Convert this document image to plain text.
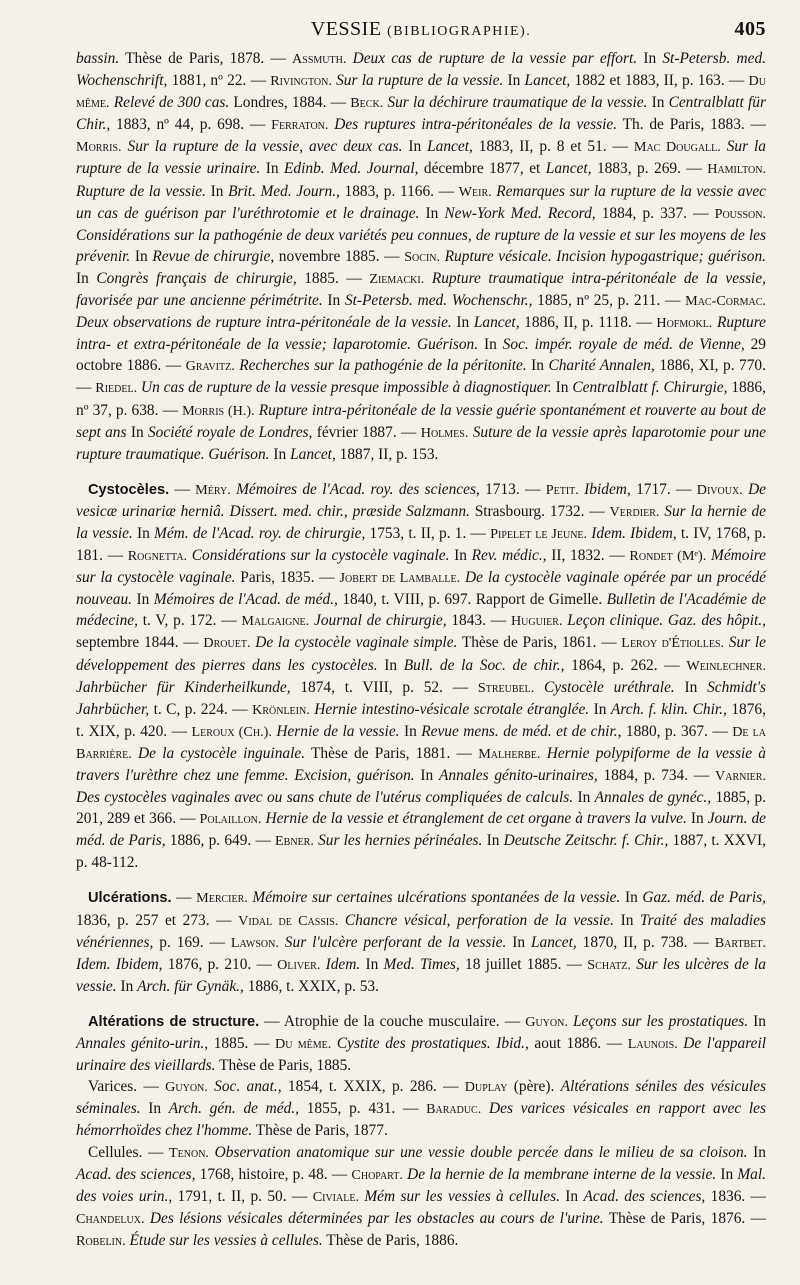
VESSIE (BIBLIOGRAPHIE).	405

bassin. Thèse de Paris, 1878. — Assmuth. Deux cas de rupture de la vessie par effort. In St-Petersb. med. Wochenschrift, 1881, nº 22. — Rivington. Sur la rupture de la vessie. In Lancet, 1882 et 1883, II, p. 163. — Du même. Relevé de 300 cas. Londres, 1884. — Beck. Sur la déchirure traumatique de la vessie. In Centralblatt für Chir., 1883, nº 44, p. 698. — Ferraton. Des ruptures intra-péritonéales de la vessie. Th. de Paris, 1883. — Morris. Sur la rupture de la vessie, avec deux cas. In Lancet, 1883, II, p. 8 et 51. — Mac Dougall. Sur la rupture de la vessie urinaire. In Edinb. Med. Journal, décembre 1877, et Lancet, 1883, p. 269. — Hamilton. Rupture de la vessie. In Brit. Med. Journ., 1883, p. 1166. — Weir. Remarques sur la rupture de la vessie avec un cas de guérison par l'uréthrotomie et le drainage. In New-York Med. Record, 1884, p. 337. — Pousson. Considérations sur la pathogénie de deux variétés peu connues, de rupture de la vessie et sur les moyens de les prévenir. In Revue de chirurgie, novembre 1885. — Socin. Rupture vésicale. Incision hypogastrique; guérison. In Congrès français de chirurgie, 1885. — Ziemacki. Rupture traumatique intra-péritonéale de la vessie, favorisée par une ancienne périmétrite. In St-Petersb. med. Wochenschr., 1885, nº 25, p. 211. — Mac-Cormac. Deux observations de rupture intra-péritonéale de la vessie. In Lancet, 1886, II, p. 1118. — Hofmokl. Rupture intra- et extra-péritonéale de la vessie; laparotomie. Guérison. In Soc. impér. royale de méd. de Vienne, 29 octobre 1886. — Gravitz. Recherches sur la pathogénie de la péritonite. In Charité Annalen, 1886, XI, p. 770. — Riedel. Un cas de rupture de la vessie presque impossible à diagnostiquer. In Centralblatt f. Chirurgie, 1886, nº 37, p. 638. — Morris (H.). Rupture intra-péritonéale de la vessie guérie spontanément et rouverte au bout de sept ans In Société royale de Londres, février 1887. — Holmes. Suture de la vessie après laparotomie pour une rupture traumatique. Guérison. In Lancet, 1887, II, p. 153.

Cystocèles. — Méry. Mémoires de l'Acad. roy. des sciences, 1713. — Petit. Ibidem, 1717. — Divoux. De vesicæ urinariæ herniâ. Dissert. med. chir., præside Salzmann. Strasbourg. 1732. — Verdier. Sur la hernie de la vessie. In Mém. de l'Acad. roy. de chirurgie, 1753, t. II, p. 1. — Pipelet le Jeune. Idem. Ibidem, t. IV, 1768, p. 181. — Rognetta. Considérations sur la cystocèle vaginale. In Rev. médic., II, 1832. — Rondet (Mᵉ). Mémoire sur la cystocèle vaginale. Paris, 1835. — Jobert de Lamballe. De la cystocèle vaginale opérée par un procédé nouveau. In Mémoires de l'Acad. de méd., 1840, t. VIII, p. 697. Rapport de Gimelle. Bulletin de l'Académie de médecine, t. V, p. 172. — Malgaigne. Journal de chirurgie, 1843. — Huguier. Leçon clinique. Gaz. des hôpit., septembre 1844. — Drouet. De la cystocèle vaginale simple. Thèse de Paris, 1861. — Leroy d'Étiolles. Sur le développement des pierres dans les cystocèles. In Bull. de la Soc. de chir., 1864, p. 262. — Weinlechner. Jahrbücher für Kinderheilkunde, 1874, t. VIII, p. 52. — Streubel. Cystocèle uréthrale. In Schmidt's Jahrbücher, t. C, p. 224. — Krönlein. Hernie intestino-vésicale scrotale étranglée. In Arch. f. klin. Chir., 1876, t. XIX, p. 420. — Leroux (Ch.). Hernie de la vessie. In Revue mens. de méd. et de chir., 1880, p. 367. — De la Barrière. De la cystocèle inguinale. Thèse de Paris, 1881. — Malherbe. Hernie polypiforme de la vessie à travers l'urèthre chez une femme. Excision, guérison. In Annales génito-urinaires, 1884, p. 734. — Varnier. Des cystocèles vaginales avec ou sans chute de l'utérus compliquées de calculs. In Annales de gynéc., 1885, p. 201, 289 et 366. — Polaillon. Hernie de la vessie et étranglement de cet organe à travers la vulve. In Journ. de méd. de Paris, 1886, p. 649. — Ebner. Sur les hernies périnéales. In Deutsche Zeitschr. f. Chir., 1887, t. XXVI, p. 48-112.

Ulcérations. — Mercier. Mémoire sur certaines ulcérations spontanées de la vessie. In Gaz. méd. de Paris, 1836, p. 257 et 273. — Vidal de Cassis. Chancre vésical, perforation de la vessie. In Traité des maladies vénériennes, p. 169. — Lawson. Sur l'ulcère perforant de la vessie. In Lancet, 1870, II, p. 738. — Bartbet. Idem. Ibidem, 1876, p. 210. — Oliver. Idem. In Med. Times, 18 juillet 1885. — Schatz. Sur les ulcères de la vessie. In Arch. für Gynäk., 1886, t. XXIX, p. 53.

Altérations de structure. — Atrophie de la couche musculaire. — Guyon. Leçons sur les prostatiques. In Annales génito-urin., 1885. — Du même. Cystite des prostatiques. Ibid., aout 1886. — Launois. De l'appareil urinaire des vieillards. Thèse de Paris, 1885.

Varices. — Guyon. Soc. anat., 1854, t. XXIX, p. 286. — Duplay (père). Altérations séniles des vésicules séminales. In Arch. gén. de méd., 1855, p. 431. — Baraduc. Des varices vésicales en rapport avec les hémorrhoïdes chez l'homme. Thèse de Paris, 1877.

Cellules. — Tenon. Observation anatomique sur une vessie double percée dans le milieu de sa cloison. In Acad. des sciences, 1768, histoire, p. 48. — Chopart. De la hernie de la membrane interne de la vessie. In Mal. des voies urin., 1791, t. II, p. 50. — Civiale. Mém sur les vessies à cellules. In Acad. des sciences, 1836. — Chandelux. Des lésions vésicales déterminées par les obstacles au cours de l'urine. Thèse de Paris, 1876. — Robelin. Étude sur les vessies à cellules. Thèse de Paris, 1886.
